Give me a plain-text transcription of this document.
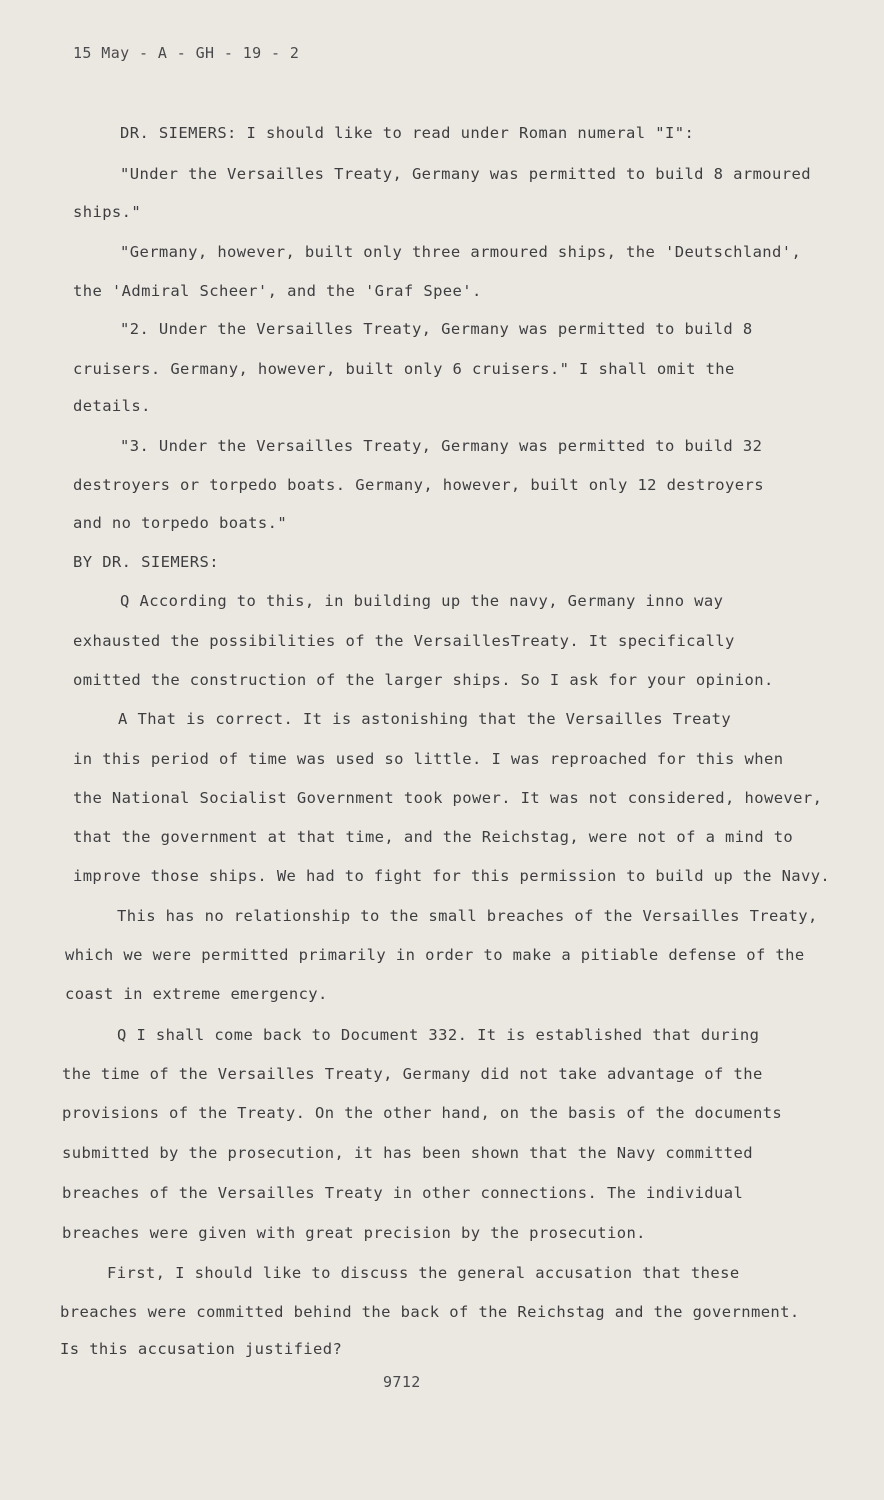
15 May - A - GH - 19 - 2
DR. SIEMERS: I should like to read under Roman numeral "I":
"Under the Versailles Treaty, Germany was permitted to build 8 armoured
ships."
"Germany, however, built only three armoured ships, the 'Deutschland',
the 'Admiral Scheer', and the 'Graf Spee'.
"2. Under the Versailles Treaty, Germany was permitted to build 8
cruisers. Germany, however, built only 6 cruisers." I shall omit the
details.
"3. Under the Versailles Treaty, Germany was permitted to build 32
destroyers or torpedo boats. Germany, however, built only 12 destroyers
and no torpedo boats."
BY DR. SIEMERS:
Q According to this, in building up the navy, Germany inno way
exhausted the possibilities of the VersaillesTreaty. It specifically
omitted the construction of the larger ships. So I ask for your opinion.
A That is correct. It is astonishing that the Versailles Treaty
in this period of time was used so little. I was reproached for this when
the National Socialist Government took power. It was not considered, however,
that the government at that time, and the Reichstag, were not of a mind to
improve those ships. We had to fight for this permission to build up the Navy.
This has no relationship to the small breaches of the Versailles Treaty,
which we were permitted primarily in order to make a pitiable defense of the
coast in extreme emergency.
Q I shall come back to Document 332. It is established that during
the time of the Versailles Treaty, Germany did not take advantage of the
provisions of the Treaty. On the other hand, on the basis of the documents
submitted by the prosecution, it has been shown that the Navy committed
breaches of the Versailles Treaty in other connections. The individual
breaches were given with great precision by the prosecution.
First, I should like to discuss the general accusation that these
breaches were committed behind the back of the Reichstag and the government.
Is this accusation justified?
9712
